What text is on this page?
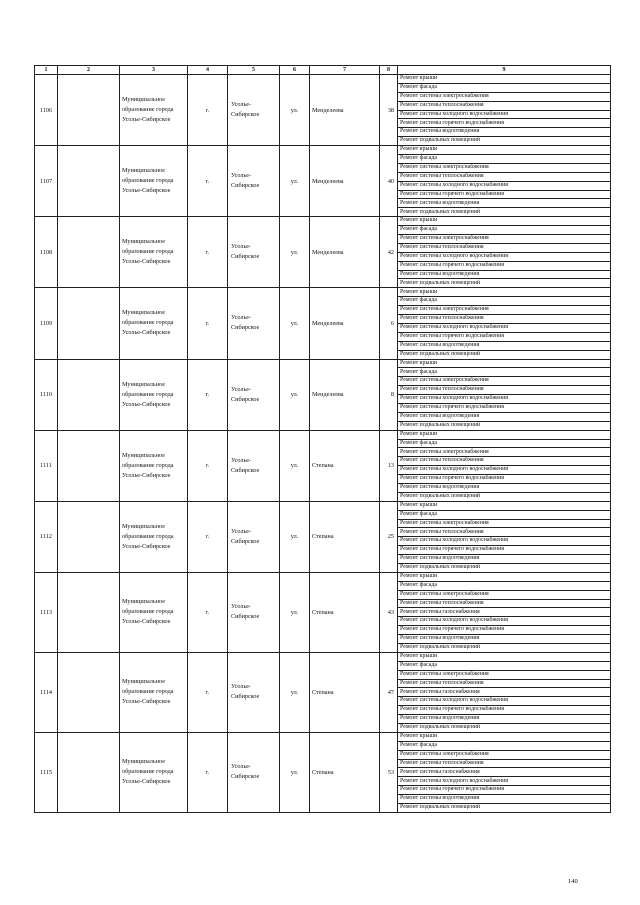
1	2	3	4	5	6	7	8	9
1106		Муниципальное образование города Усолье-Сибирское	г.	Усолье-Сибирское	ул.	Менделеева	38	Ремонт крыши
								Ремонт фасада
								Ремонт системы электроснабжения
								Ремонт системы теплоснабжения
								Ремонт системы холодного водоснабжения
								Ремонт системы горячего водоснабжения
								Ремонт системы водоотведения
								Ремонт подвальных помещений
1107		Муниципальное образование города Усолье-Сибирское	г.	Усолье-Сибирское	ул.	Менделеева	40	Ремонт крыши
								Ремонт фасада
								Ремонт системы электроснабжения
								Ремонт системы теплоснабжения
								Ремонт системы холодного водоснабжения
								Ремонт системы горячего водоснабжения
								Ремонт системы водоотведения
								Ремонт подвальных помещений
1108		Муниципальное образование города Усолье-Сибирское	г.	Усолье-Сибирское	ул.	Менделеева	42	Ремонт крыши
								Ремонт фасада
								Ремонт системы электроснабжения
								Ремонт системы теплоснабжения
								Ремонт системы холодного водоснабжения
								Ремонт системы горячего водоснабжения
								Ремонт системы водоотведения
								Ремонт подвальных помещений
1109		Муниципальное образование города Усолье-Сибирское	г.	Усолье-Сибирское	ул.	Менделеева	6	Ремонт крыши
								Ремонт фасада
								Ремонт системы электроснабжения
								Ремонт системы теплоснабжения
								Ремонт системы холодного водоснабжения
								Ремонт системы горячего водоснабжения
								Ремонт системы водоотведения
								Ремонт подвальных помещений
1110		Муниципальное образование города Усолье-Сибирское	г.	Усолье-Сибирское	ул.	Менделеева	8	Ремонт крыши
								Ремонт фасада
								Ремонт системы электроснабжения
								Ремонт системы теплоснабжения
								Ремонт системы холодного водоснабжения
								Ремонт системы горячего водоснабжения
								Ремонт системы водоотведения
								Ремонт подвальных помещений
1111		Муниципальное образование города Усолье-Сибирское	г.	Усолье-Сибирское	ул.	Степана	13	Ремонт крыши
								Ремонт фасада
								Ремонт системы электроснабжения
								Ремонт системы теплоснабжения
								Ремонт системы холодного водоснабжения
								Ремонт системы горячего водоснабжения
								Ремонт системы водоотведения
								Ремонт подвальных помещений
1112		Муниципальное образование города Усолье-Сибирское	г.	Усолье-Сибирское	ул.	Степана	25	Ремонт крыши
								Ремонт фасада
								Ремонт системы электроснабжения
								Ремонт системы теплоснабжения
								Ремонт системы холодного водоснабжения
								Ремонт системы горячего водоснабжения
								Ремонт системы водоотведения
								Ремонт подвальных помещений
1113		Муниципальное образование города Усолье-Сибирское	г.	Усолье-Сибирское	ул.	Степана	43	Ремонт крыши
								Ремонт фасада
								Ремонт системы электроснабжения
								Ремонт системы теплоснабжения
								Ремонт системы газоснабжения
								Ремонт системы холодного водоснабжения
								Ремонт системы горячего водоснабжения
								Ремонт системы водоотведения
								Ремонт подвальных помещений
1114		Муниципальное образование города Усолье-Сибирское	г.	Усолье-Сибирское	ул.	Степана	47	Ремонт крыши
								Ремонт фасада
								Ремонт системы электроснабжения
								Ремонт системы теплоснабжения
								Ремонт системы газоснабжения
								Ремонт системы холодного водоснабжения
								Ремонт системы горячего водоснабжения
								Ремонт системы водоотведения
								Ремонт подвальных помещений
1115		Муниципальное образование города Усолье-Сибирское	г.	Усолье-Сибирское	ул.	Степана	53	Ремонт крыши
								Ремонт фасада
								Ремонт системы электроснабжения
								Ремонт системы теплоснабжения
								Ремонт системы газоснабжения
								Ремонт системы холодного водоснабжения
								Ремонт системы горячего водоснабжения
								Ремонт системы водоотведения
								Ремонт подвальных помещений
140
